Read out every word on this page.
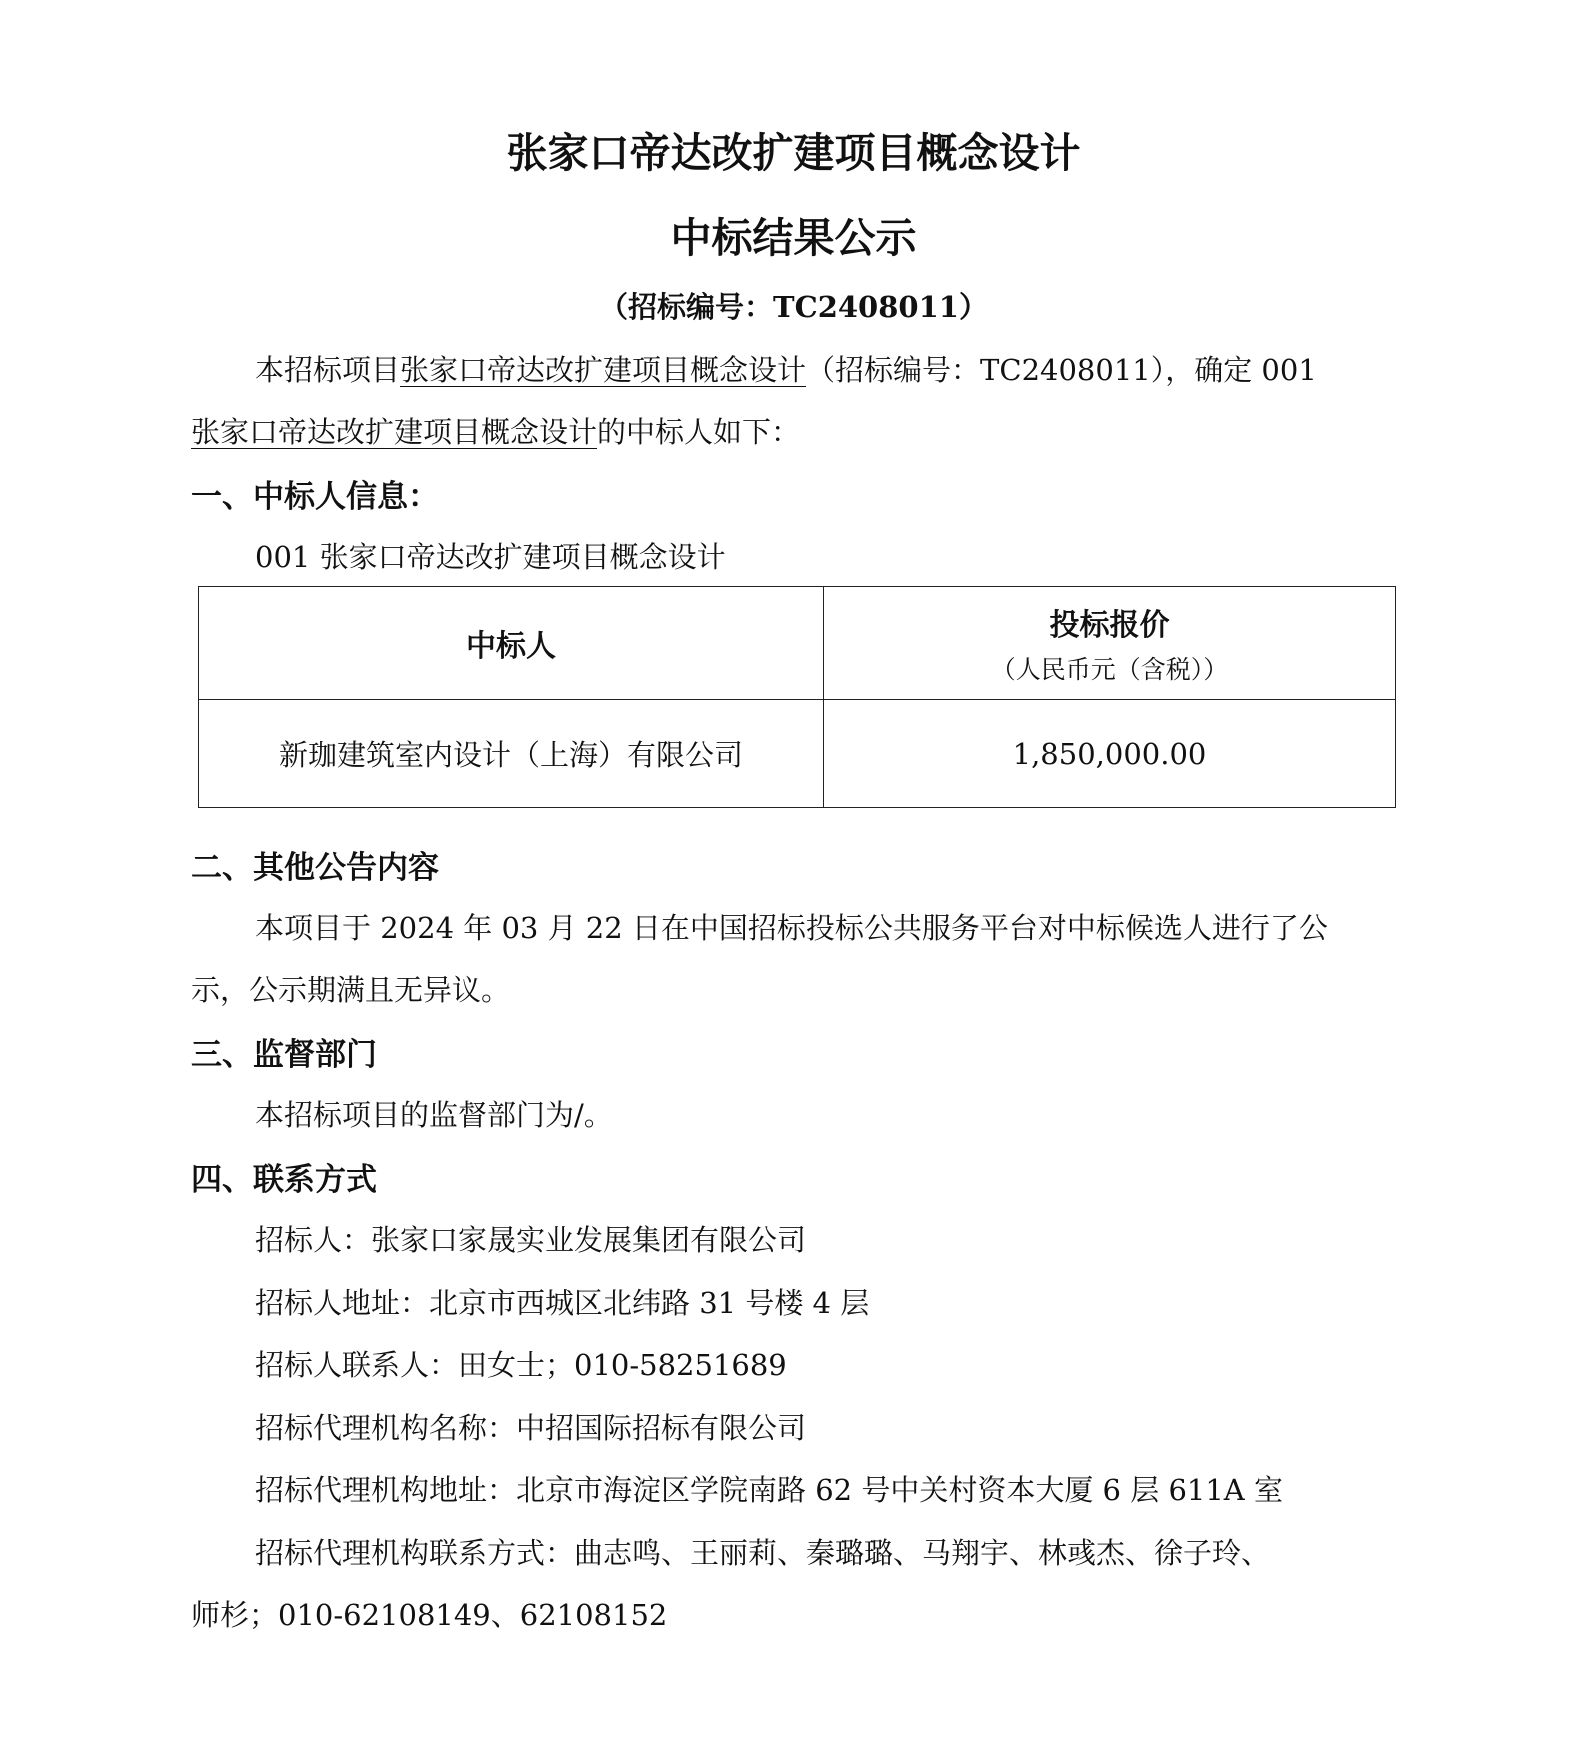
张家口帝达改扩建项目概念设计
中标结果公示
（招标编号：TC2408011）
本招标项目张家口帝达改扩建项目概念设计（招标编号：TC2408011），确定 001
张家口帝达改扩建项目概念设计的中标人如下：
一、中标人信息：
001 张家口帝达改扩建项目概念设计
中标人	投标报价
（人民币元（含税））

新珈建筑室内设计（上海）有限公司	1,850,000.00
二、其他公告内容
本项目于 2024 年 03 月 22 日在中国招标投标公共服务平台对中标候选人进行了公
示，公示期满且无异议。
三、监督部门
本招标项目的监督部门为/。
四、联系方式
招标人：张家口家晟实业发展集团有限公司
招标人地址：北京市西城区北纬路 31 号楼 4 层
招标人联系人：田女士；010-58251689
招标代理机构名称：中招国际招标有限公司
招标代理机构地址：北京市海淀区学院南路 62 号中关村资本大厦 6 层 611A 室
招标代理机构联系方式：曲志鸣、王丽莉、秦璐璐、马翔宇、林彧杰、徐子玲、
师杉；010-62108149、62108152
